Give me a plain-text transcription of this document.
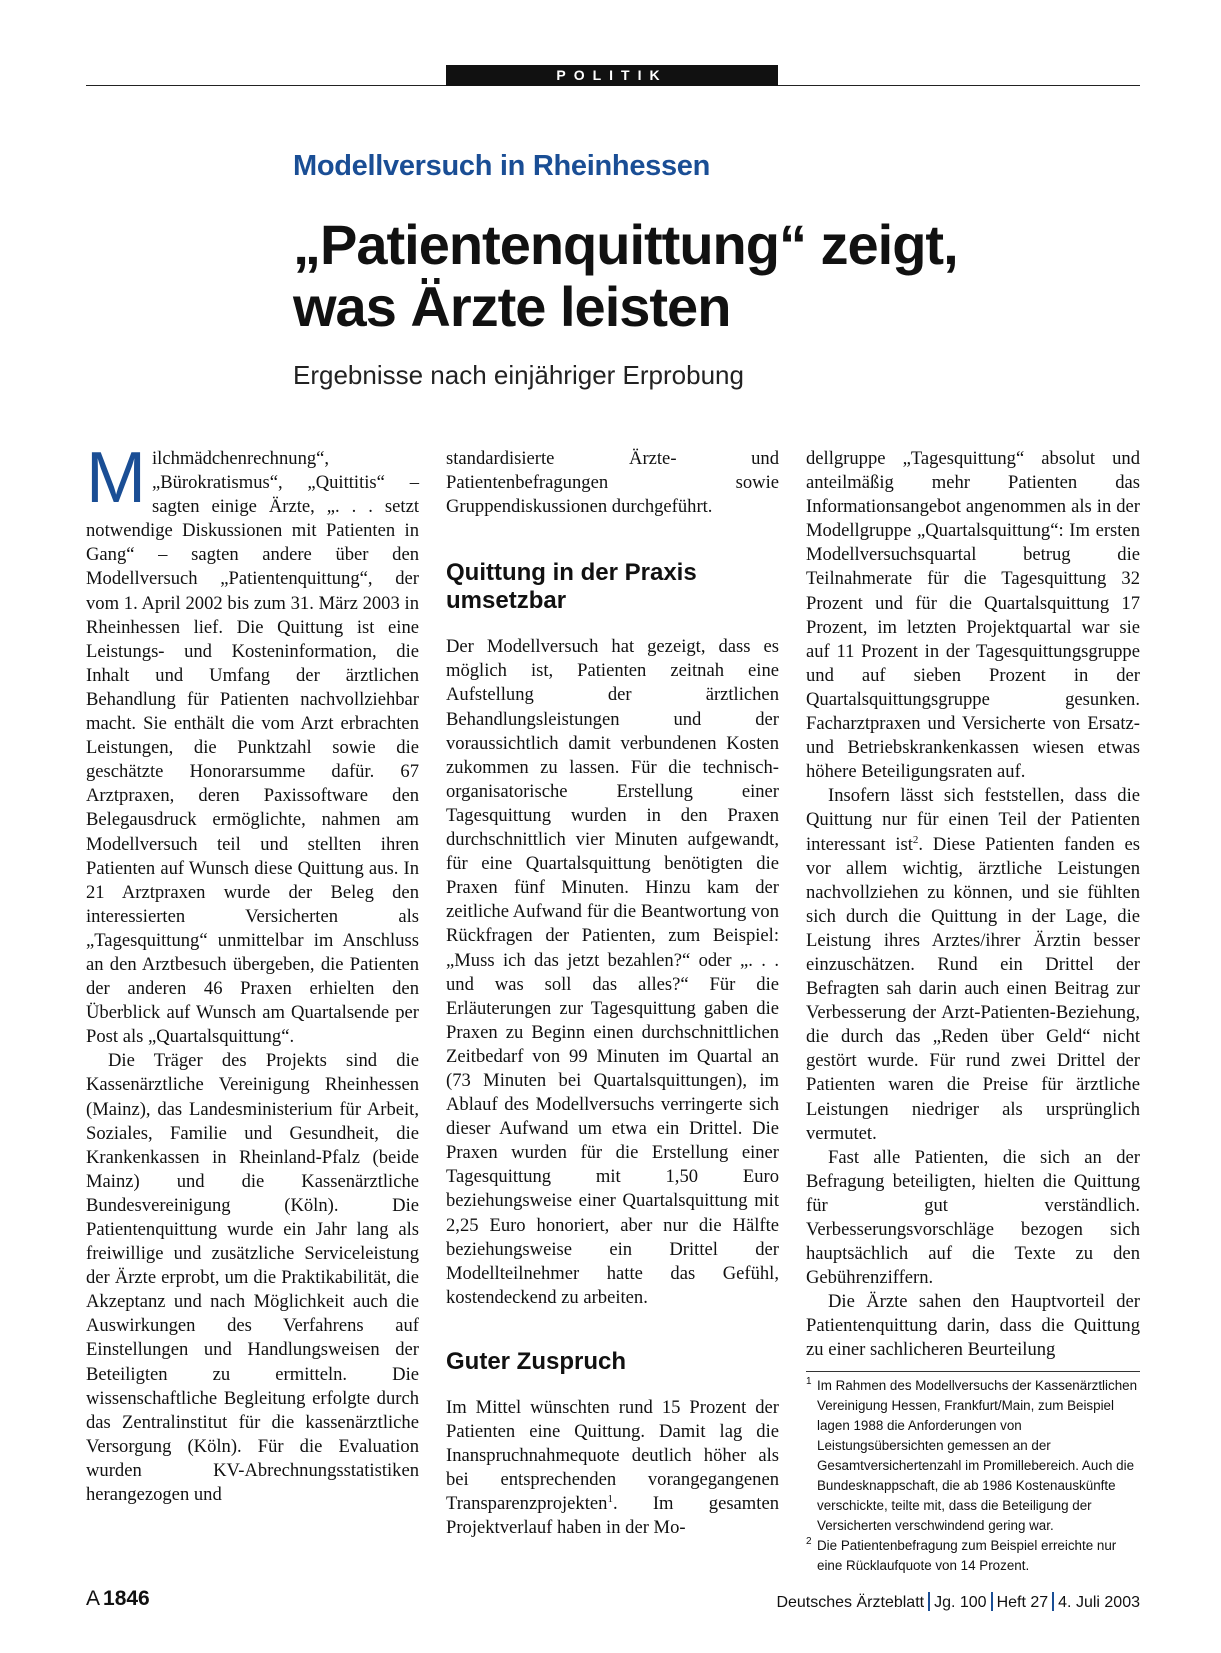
POLITIK
Modellversuch in Rheinhessen
„Patientenquittung“ zeigt,
was Ärzte leisten
Ergebnisse nach einjähriger Erprobung

Milchmädchenrechnung“, „Bürokratismus“, „Quittitis“ – sagten einige Ärzte, „. . . setzt notwendige Diskussionen mit Patienten in Gang“ – sagten andere über den Modellversuch „Patientenquittung“, der vom 1. April 2002 bis zum 31. März 2003 in Rheinhessen lief. Die Quittung ist eine Leistungs- und Kosteninformation, die Inhalt und Umfang der ärztlichen Behandlung für Patienten nachvollziehbar macht. Sie enthält die vom Arzt erbrachten Leistungen, die Punktzahl sowie die geschätzte Honorarsumme dafür. 67 Arztpraxen, deren Paxissoftware den Belegausdruck ermöglichte, nahmen am Modellversuch teil und stellten ihren Patienten auf Wunsch diese Quittung aus. In 21 Arztpraxen wurde der Beleg den interessierten Versicherten als „Tagesquittung“ unmittelbar im Anschluss an den Arztbesuch übergeben, die Patienten der anderen 46 Praxen erhielten den Überblick auf Wunsch am Quartalsende per Post als „Quartalsquittung“.

Die Träger des Projekts sind die Kassenärztliche Vereinigung Rheinhessen (Mainz), das Landesministerium für Arbeit, Soziales, Familie und Gesundheit, die Krankenkassen in Rheinland-Pfalz (beide Mainz) und die Kassenärztliche Bundesvereinigung (Köln). Die Patientenquittung wurde ein Jahr lang als freiwillige und zusätzliche Serviceleistung der Ärzte erprobt, um die Praktikabilität, die Akzeptanz und nach Möglichkeit auch die Auswirkungen des Verfahrens auf Einstellungen und Handlungsweisen der Beteiligten zu ermitteln. Die wissenschaftliche Begleitung erfolgte durch das Zentralinstitut für die kassenärztliche Versorgung (Köln). Für die Evaluation wurden KV-Abrechnungsstatistiken herangezogen und

standardisierte Ärzte- und Patientenbefragungen sowie Gruppendiskussionen durchgeführt.

Quittung in der Praxis umsetzbar

Der Modellversuch hat gezeigt, dass es möglich ist, Patienten zeitnah eine Aufstellung der ärztlichen Behandlungsleistungen und der voraussichtlich damit verbundenen Kosten zukommen zu lassen. Für die technisch-organisatorische Erstellung einer Tagesquittung wurden in den Praxen durchschnittlich vier Minuten aufgewandt, für eine Quartalsquittung benötigten die Praxen fünf Minuten. Hinzu kam der zeitliche Aufwand für die Beantwortung von Rückfragen der Patienten, zum Beispiel: „Muss ich das jetzt bezahlen?“ oder „. . . und was soll das alles?“ Für die Erläuterungen zur Tagesquittung gaben die Praxen zu Beginn einen durchschnittlichen Zeitbedarf von 99 Minuten im Quartal an (73 Minuten bei Quartalsquittungen), im Ablauf des Modellversuchs verringerte sich dieser Aufwand um etwa ein Drittel. Die Praxen wurden für die Erstellung einer Tagesquittung mit 1,50 Euro beziehungsweise einer Quartalsquittung mit 2,25 Euro honoriert, aber nur die Hälfte beziehungsweise ein Drittel der Modellteilnehmer hatte das Gefühl, kostendeckend zu arbeiten.

Guter Zuspruch

Im Mittel wünschten rund 15 Prozent der Patienten eine Quittung. Damit lag die Inanspruchnahmequote deutlich höher als bei entsprechenden vorangegangenen Transparenzprojekten$^1$. Im gesamten Projektverlauf haben in der Mo-

dellgruppe „Tagesquittung“ absolut und anteilmäßig mehr Patienten das Informationsangebot angenommen als in der Modellgruppe „Quartalsquittung“: Im ersten Modellversuchsquartal betrug die Teilnahmerate für die Tagesquittung 32 Prozent und für die Quartalsquittung 17 Prozent, im letzten Projektquartal war sie auf 11 Prozent in der Tagesquittungsgruppe und auf sieben Prozent in der Quartalsquittungsgruppe gesunken. Facharztpraxen und Versicherte von Ersatz- und Betriebskrankenkassen wiesen etwas höhere Beteiligungsraten auf.

Insofern lässt sich feststellen, dass die Quittung nur für einen Teil der Patienten interessant ist$^2$. Diese Patienten fanden es vor allem wichtig, ärztliche Leistungen nachvollziehen zu können, und sie fühlten sich durch die Quittung in der Lage, die Leistung ihres Arztes/ihrer Ärztin besser einzuschätzen. Rund ein Drittel der Befragten sah darin auch einen Beitrag zur Verbesserung der Arzt-Patienten-Beziehung, die durch das „Reden über Geld“ nicht gestört wurde. Für rund zwei Drittel der Patienten waren die Preise für ärztliche Leistungen niedriger als ursprünglich vermutet.

Fast alle Patienten, die sich an der Befragung beteiligten, hielten die Quittung für gut verständlich. Verbesserungsvorschläge bezogen sich hauptsächlich auf die Texte zu den Gebührenziffern.

Die Ärzte sahen den Hauptvorteil der Patientenquittung darin, dass die Quittung zu einer sachlicheren Beurteilung

1 Im Rahmen des Modellversuchs der Kassenärztlichen Vereinigung Hessen, Frankfurt/Main, zum Beispiel lagen 1988 die Anforderungen von Leistungsübersichten gemessen an der Gesamtversichertenzahl im Promillebereich. Auch die Bundesknappschaft, die ab 1986 Kostenauskünfte verschickte, teilte mit, dass die Beteiligung der Versicherten verschwindend gering war.

2 Die Patientenbefragung zum Beispiel erreichte nur eine Rücklaufquote von 14 Prozent.

A 1846	Deutsches Ärzteblatt Jg. 100 Heft 27 4. Juli 2003
